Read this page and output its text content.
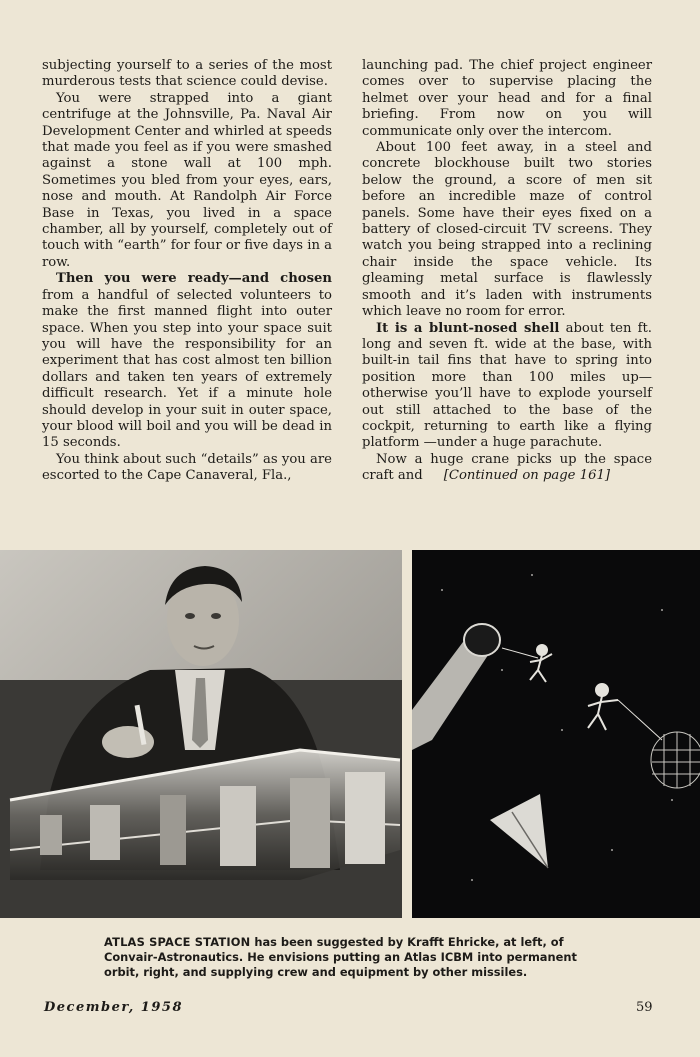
subjecting yourself to a series of the most murderous tests that science could devise.

You were strapped into a giant centrifuge at the Johnsville, Pa. Naval Air Development Center and whirled at speeds that made you feel as if you were smashed against a stone wall at 100 mph. Sometimes you bled from your eyes, ears, nose and mouth. At Randolph Air Force Base in Texas, you lived in a space chamber, all by yourself, completely out of touch with “earth” for four or five days in a row.

Then you were ready—and chosen from a handful of selected volunteers to make the first manned flight into outer space. When you step into your space suit you will have the responsibility for an experiment that has cost almost ten billion dollars and taken ten years of extremely difficult research. Yet if a minute hole should develop in your suit in outer space, your blood will boil and you will be dead in 15 seconds.

You think about such “details” as you are escorted to the Cape Canaveral, Fla.,

launching pad. The chief project engineer comes over to supervise placing the helmet over your head and for a final briefing. From now on you will communicate only over the intercom.

About 100 feet away, in a steel and concrete blockhouse built two stories below the ground, a score of men sit before an incredible maze of control panels. Some have their eyes fixed on a battery of closed-circuit TV screens. They watch you being strapped into a reclining chair inside the space vehicle. Its gleaming metal surface is flawlessly smooth and it’s laden with instruments which leave no room for error.

It is a blunt-nosed shell about ten ft. long and seven ft. wide at the base, with built-in tail fins that have to spring into position more than 100 miles up—otherwise you’ll have to explode yourself out still attached to the base of the cockpit, returning to earth like a flying platform —under a huge parachute.

Now a huge crane picks up the space craft and [Continued on page 161]

ATLAS SPACE STATION has been suggested by Krafft Ehricke, at left, of Convair-Astronautics. He envisions putting an Atlas ICBM into permanent orbit, right, and supplying crew and equipment by other missiles.
December, 1958	59
